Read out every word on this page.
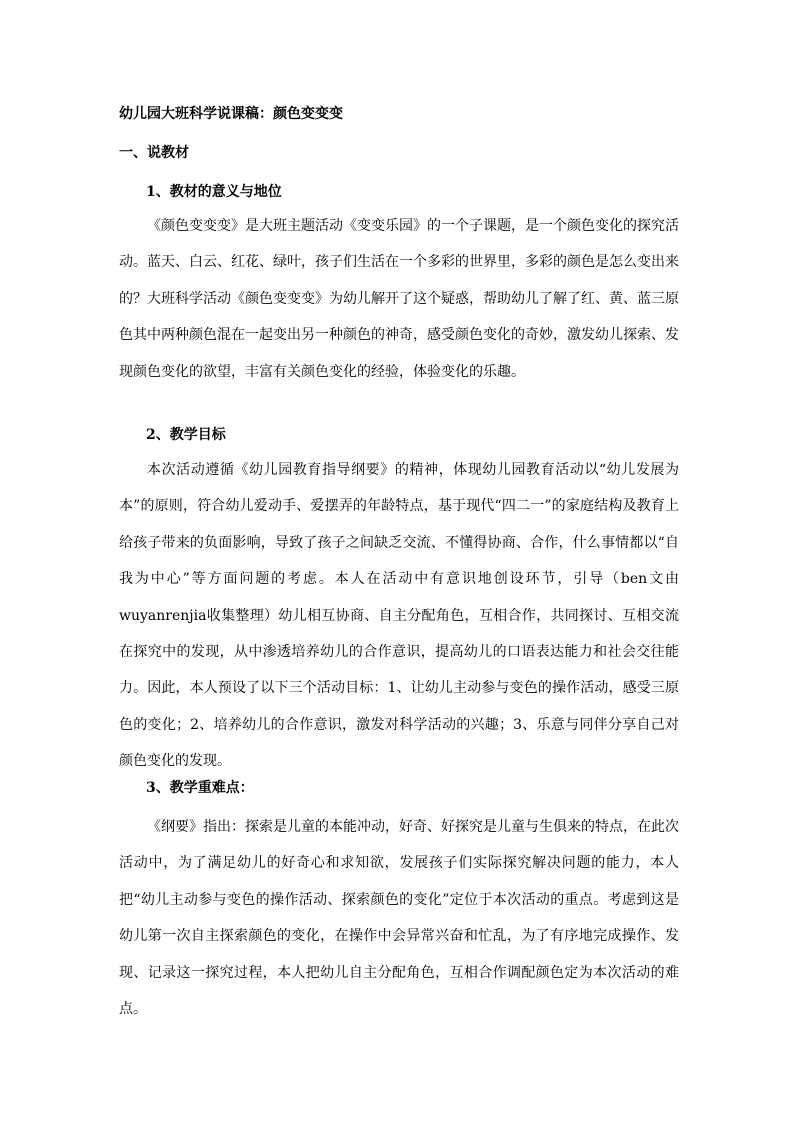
幼儿园大班科学说课稿：颜色变变变
一、说教材
1、教材的意义与地位

《颜色变变变》是大班主题活动《变变乐园》的一个子课题，是一个颜色变化的探究活动。蓝天、白云、红花、绿叶，孩子们生活在一个多彩的世界里，多彩的颜色是怎么变出来的？大班科学活动《颜色变变变》为幼儿解开了这个疑惑，帮助幼儿了解了红、黄、蓝三原色其中两种颜色混在一起变出另一种颜色的神奇，感受颜色变化的奇妙，激发幼儿探索、发现颜色变化的欲望，丰富有关颜色变化的经验，体验变化的乐趣。

2、教学目标

本次活动遵循《幼儿园教育指导纲要》的精神，体现幼儿园教育活动以“幼儿发展为本”的原则，符合幼儿爱动手、爱摆弄的年龄特点，基于现代“四二一”的家庭结构及教育上给孩子带来的负面影响，导致了孩子之间缺乏交流、不懂得协商、合作，什么事情都以“自我为中心”等方面问题的考虑。本人在活动中有意识地创设环节，引导（ben文由 wuyanrenjia收集整理）幼儿相互协商、自主分配角色，互相合作，共同探讨、互相交流在探究中的发现，从中渗透培养幼儿的合作意识，提高幼儿的口语表达能力和社会交往能力。因此，本人预设了以下三个活动目标：1、让幼儿主动参与变色的操作活动，感受三原色的变化；2、培养幼儿的合作意识，激发对科学活动的兴趣；3、乐意与同伴分享自己对颜色变化的发现。

3、教学重难点：

《纲要》指出：探索是儿童的本能冲动，好奇、好探究是儿童与生俱来的特点，在此次活动中，为了满足幼儿的好奇心和求知欲，发展孩子们实际探究解决问题的能力，本人把“幼儿主动参与变色的操作活动、探索颜色的变化”定位于本次活动的重点。考虑到这是幼儿第一次自主探索颜色的变化，在操作中会异常兴奋和忙乱，为了有序地完成操作、发现、记录这一探究过程，本人把幼儿自主分配角色，互相合作调配颜色定为本次活动的难点。
